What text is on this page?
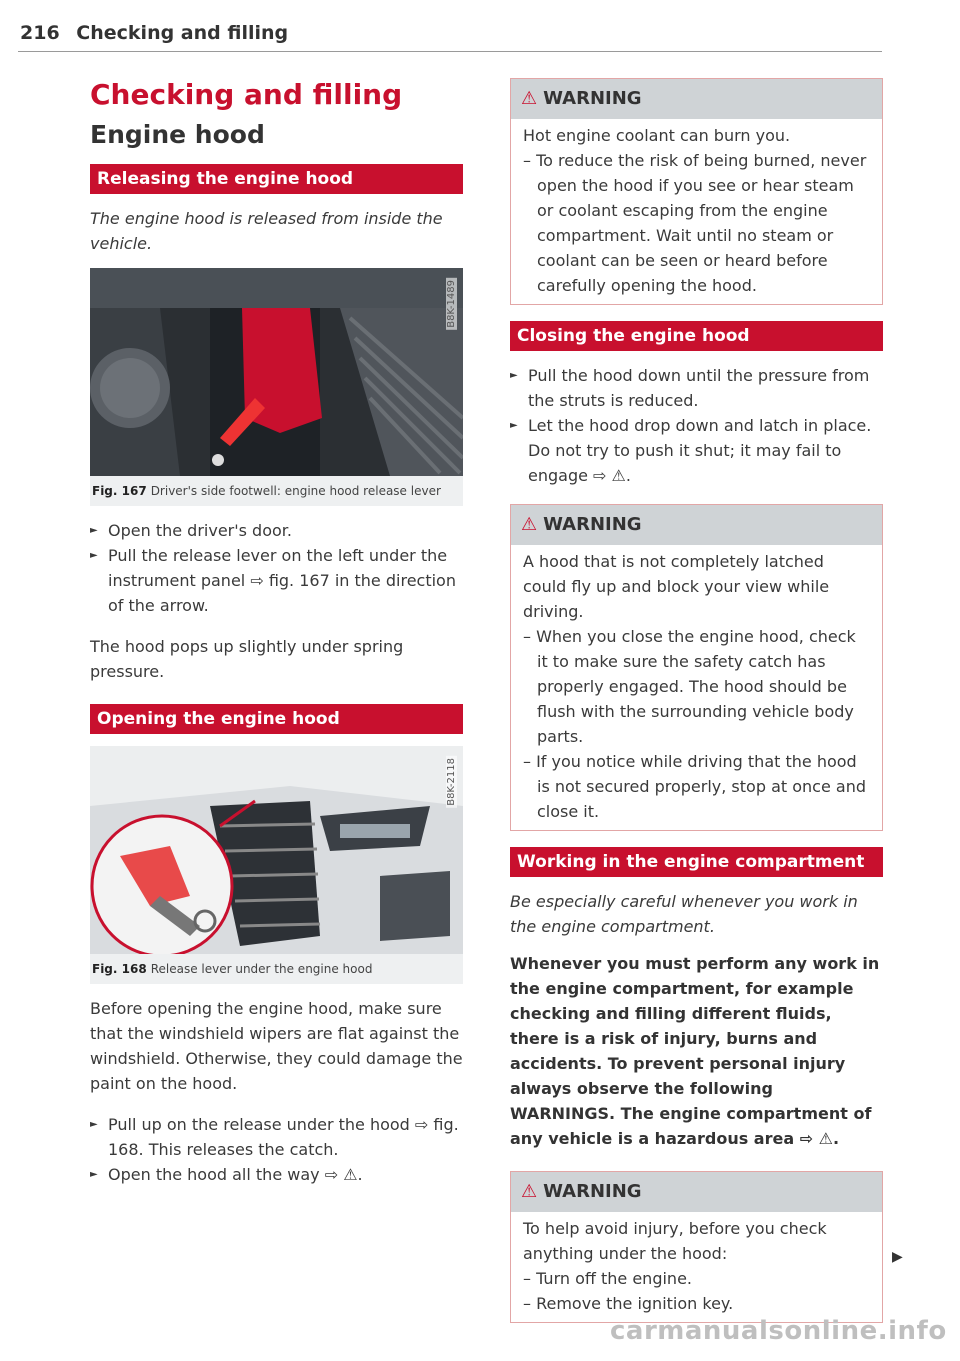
216 Checking and filling
Checking and filling
Engine hood
Releasing the engine hood
The engine hood is released from inside the vehicle.
B8K-1489
Fig. 167 Driver's side footwell: engine hood release lever
► Open the driver's door.
► Pull the release lever on the left under the instrument panel ⇨ fig. 167 in the direction of the arrow.

The hood pops up slightly under spring pressure.

Opening the engine hood
B8K-2118
Fig. 168 Release lever under the engine hood

Before opening the engine hood, make sure that the windshield wipers are flat against the windshield. Otherwise, they could damage the paint on the hood.

► Pull up on the release under the hood ⇨ fig. 168. This releases the catch.
► Open the hood all the way ⇨ ⚠.
⚠ WARNING

Hot engine coolant can burn you.

– To reduce the risk of being burned, never open the hood if you see or hear steam or coolant escaping from the engine compartment. Wait until no steam or coolant can be seen or heard before carefully opening the hood.

Closing the engine hood
► Pull the hood down until the pressure from the struts is reduced.
► Let the hood drop down and latch in place. Do not try to push it shut; it may fail to engage ⇨ ⚠.
⚠ WARNING

A hood that is not completely latched could fly up and block your view while driving.

– When you close the engine hood, check it to make sure the safety catch has properly engaged. The hood should be flush with the surrounding vehicle body parts.

– If you notice while driving that the hood is not secured properly, stop at once and close it.

Working in the engine compartment
Be especially careful whenever you work in the engine compartment.

Whenever you must perform any work in the engine compartment, for example checking and filling different fluids, there is a risk of injury, burns and accidents. To prevent personal injury always observe the following WARNINGS. The engine compartment of any vehicle is a hazardous area ⇨ ⚠.

⚠ WARNING

To help avoid injury, before you check anything under the hood:

– Turn off the engine.

– Remove the ignition key.

▶
carmanualsonline.info
